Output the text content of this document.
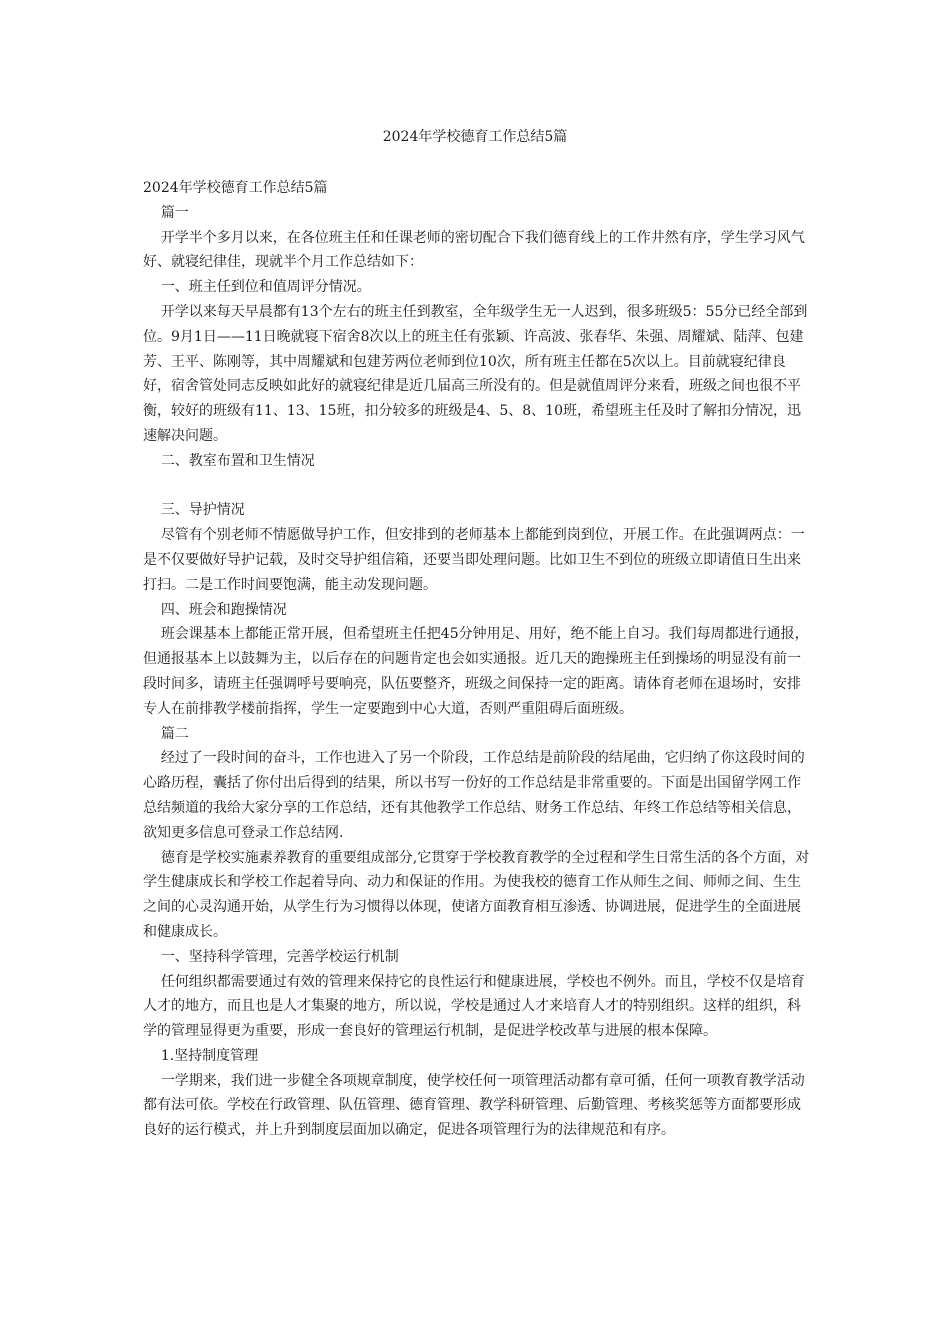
2024年学校德育工作总结5篇

2024年学校德育工作总结5篇

篇一

开学半个多月以来，在各位班主任和任课老师的密切配合下我们德育线上的工作井然有序，学生学习风气好、就寝纪律佳，现就半个月工作总结如下：

一、班主任到位和值周评分情况。

开学以来每天早晨都有13个左右的班主任到教室，全年级学生无一人迟到，很多班级5：55分已经全部到位。9月1日——11日晚就寝下宿舍8次以上的班主任有张颖、许高波、张春华、朱强、周耀斌、陆萍、包建芳、王平、陈刚等，其中周耀斌和包建芳两位老师到位10次，所有班主任都在5次以上。目前就寝纪律良好，宿舍管处同志反映如此好的就寝纪律是近几届高三所没有的。但是就值周评分来看，班级之间也很不平衡，较好的班级有11、13、15班，扣分较多的班级是4、5、8、10班，希望班主任及时了解扣分情况，迅速解决问题。

二、教室布置和卫生情况

三、导护情况

尽管有个别老师不情愿做导护工作，但安排到的老师基本上都能到岗到位，开展工作。在此强调两点：一是不仅要做好导护记载，及时交导护组信箱，还要当即处理问题。比如卫生不到位的班级立即请值日生出来打扫。二是工作时间要饱满，能主动发现问题。

四、班会和跑操情况

班会课基本上都能正常开展，但希望班主任把45分钟用足、用好，绝不能上自习。我们每周都进行通报，但通报基本上以鼓舞为主，以后存在的问题肯定也会如实通报。近几天的跑操班主任到操场的明显没有前一段时间多，请班主任强调呼号要响亮，队伍要整齐，班级之间保持一定的距离。请体育老师在退场时，安排专人在前排教学楼前指挥，学生一定要跑到中心大道，否则严重阻碍后面班级。

篇二

经过了一段时间的奋斗，工作也进入了另一个阶段，工作总结是前阶段的结尾曲，它归纳了你这段时间的心路历程，囊括了你付出后得到的结果，所以书写一份好的工作总结是非常重要的。下面是出国留学网工作总结频道的我给大家分享的工作总结，还有其他教学工作总结、财务工作总结、年终工作总结等相关信息，欲知更多信息可登录工作总结网.

德育是学校实施素养教育的重要组成部分,它贯穿于学校教育教学的全过程和学生日常生活的各个方面，对学生健康成长和学校工作起着导向、动力和保证的作用。为使我校的德育工作从师生之间、师师之间、生生之间的心灵沟通开始，从学生行为习惯得以体现，使诸方面教育相互渗透、协调进展，促进学生的全面进展和健康成长。

一、坚持科学管理，完善学校运行机制

任何组织都需要通过有效的管理来保持它的良性运行和健康进展，学校也不例外。而且，学校不仅是培育人才的地方，而且也是人才集聚的地方，所以说，学校是通过人才来培育人才的特别组织。这样的组织，科学的管理显得更为重要，形成一套良好的管理运行机制，是促进学校改革与进展的根本保障。

1.坚持制度管理

一学期来，我们进一步健全各项规章制度，使学校任何一项管理活动都有章可循，任何一项教育教学活动都有法可依。学校在行政管理、队伍管理、德育管理、教学科研管理、后勤管理、考核奖惩等方面都要形成良好的运行模式，并上升到制度层面加以确定，促进各项管理行为的法律规范和有序。
